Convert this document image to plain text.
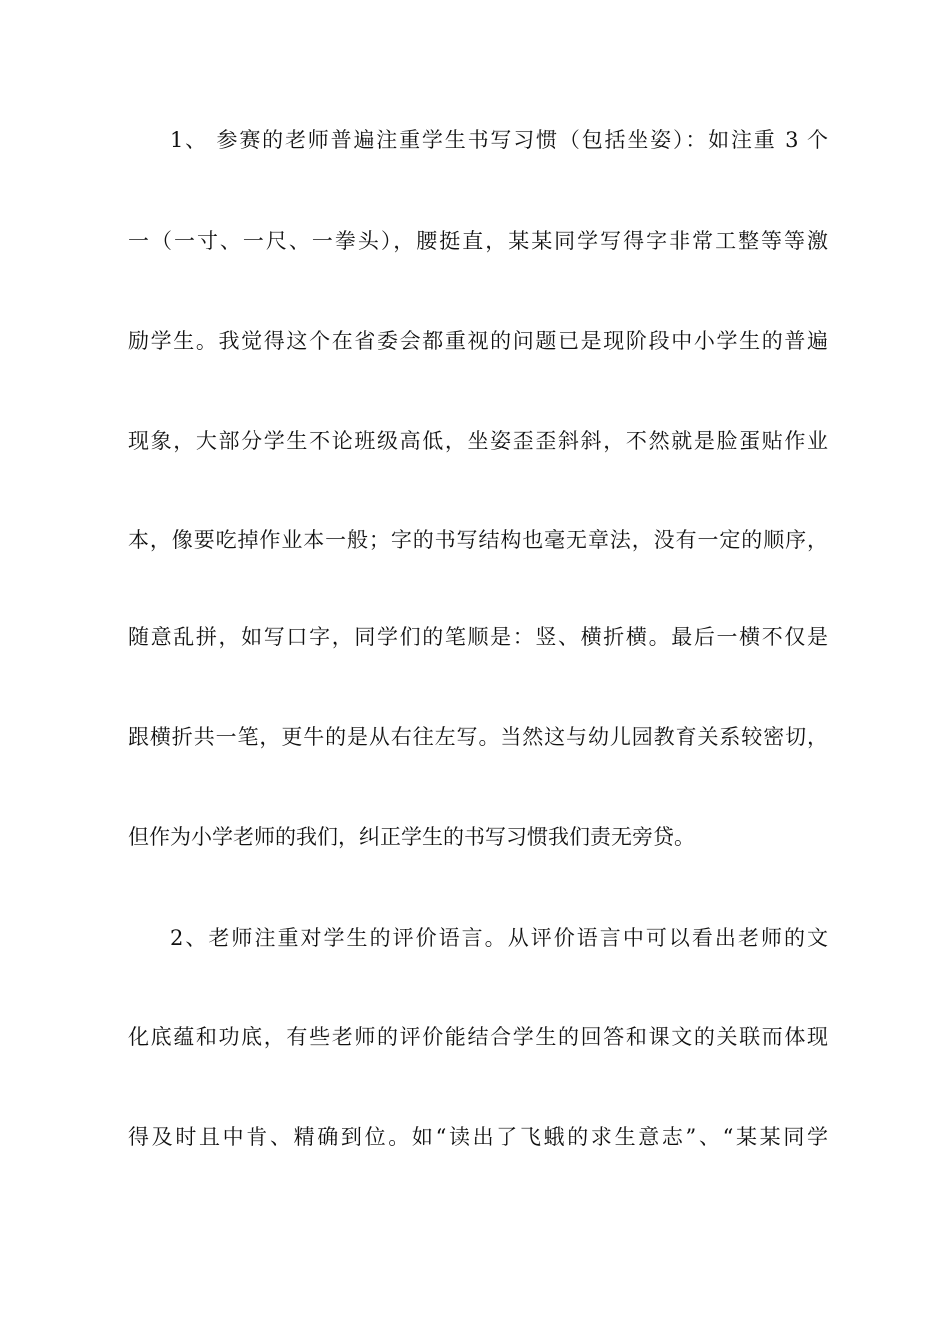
1、 参赛的老师普遍注重学生书写习惯（包括坐姿）：如注重 3 个
一（一寸、一尺、一拳头），腰挺直，某某同学写得字非常工整等等激
励学生。我觉得这个在省委会都重视的问题已是现阶段中小学生的普遍
现象，大部分学生不论班级高低，坐姿歪歪斜斜，不然就是脸蛋贴作业
本，像要吃掉作业本一般；字的书写结构也毫无章法，没有一定的顺序，
随意乱拼，如写口字，同学们的笔顺是：竖、横折横。最后一横不仅是
跟横折共一笔，更牛的是从右往左写。当然这与幼儿园教育关系较密切，
但作为小学老师的我们，纠正学生的书写习惯我们责无旁贷。
2、老师注重对学生的评价语言。从评价语言中可以看出老师的文
化底蕴和功底，有些老师的评价能结合学生的回答和课文的关联而体现
得及时且中肯、精确到位。如“读出了飞蛾的求生意志”、“某某同学
